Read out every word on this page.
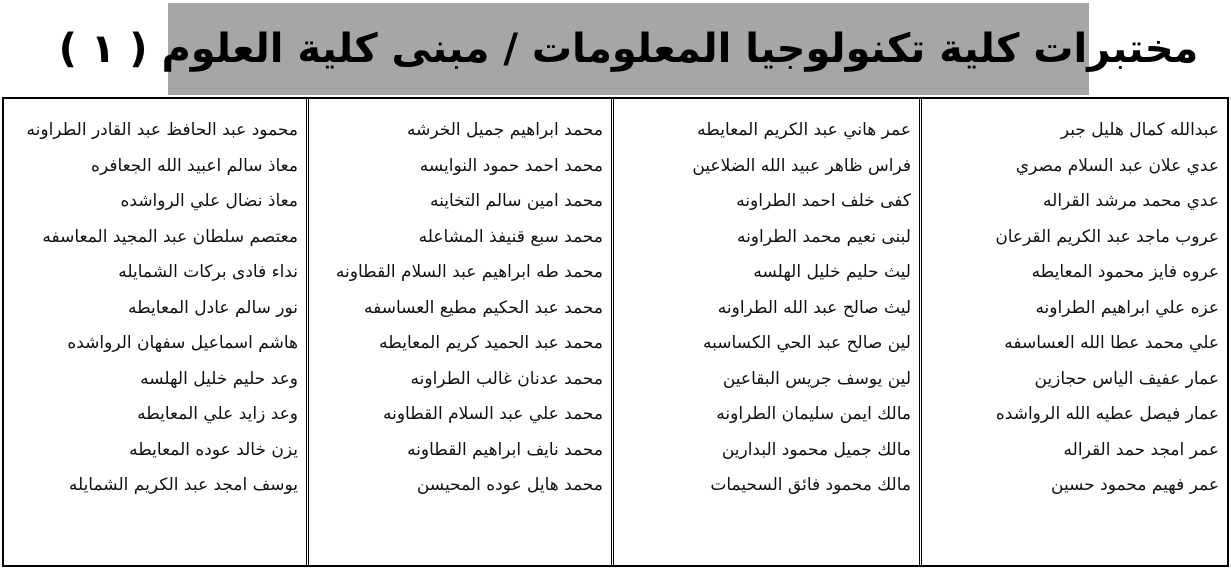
مختبرات كلية تكنولوجيا المعلومات / مبنى كلية العلوم ( ١ )
عبدالله كمال هليل جبر
عدي علان عبد السلام مصري
عدي محمد مرشد القراله
عروب ماجد عبد الكريم القرعان
عروه فايز محمود المعايطه
عزه علي ابراهيم الطراونه
علي محمد عطا الله العساسفه
عمار عفيف الياس حجازين
عمار فيصل عطيه الله الرواشده
عمر امجد حمد القراله
عمر فهيم محمود حسين
عمر هاني عبد الكريم المعايطه
فراس ظاهر عبيد الله الضلاعين
كفى خلف احمد الطراونه
لبنى نعيم محمد الطراونه
ليث حليم خليل الهلسه
ليث صالح عبد الله الطراونه
لين صالح عبد الحي الكساسبه
لين يوسف جريس البقاعين
مالك ايمن سليمان الطراونه
مالك جميل محمود البدارين
مالك محمود فائق السحيمات
محمد ابراهيم جميل الخرشه
محمد احمد حمود النوايسه
محمد امين سالم التخاينه
محمد سبع قنيفذ المشاعله
محمد طه ابراهيم عبد السلام القطاونه
محمد عبد الحكيم مطيع العساسفه
محمد عبد الحميد كريم المعايطه
محمد عدنان غالب الطراونه
محمد علي عبد السلام القطاونه
محمد نايف ابراهيم القطاونه
محمد هايل عوده المحيسن
محمود عبد الحافظ عبد القادر الطراونه
معاذ سالم اعبيد الله الجعافره
معاذ نضال علي الرواشده
معتصم سلطان عبد المجيد المعاسفه
نداء فادى بركات الشمايله
نور سالم عادل المعايطه
هاشم اسماعيل سفهان الرواشده
وعد حليم خليل الهلسه
وعد زايد علي المعايطه
يزن خالد عوده المعايطه
يوسف امجد عبد الكريم الشمايله
